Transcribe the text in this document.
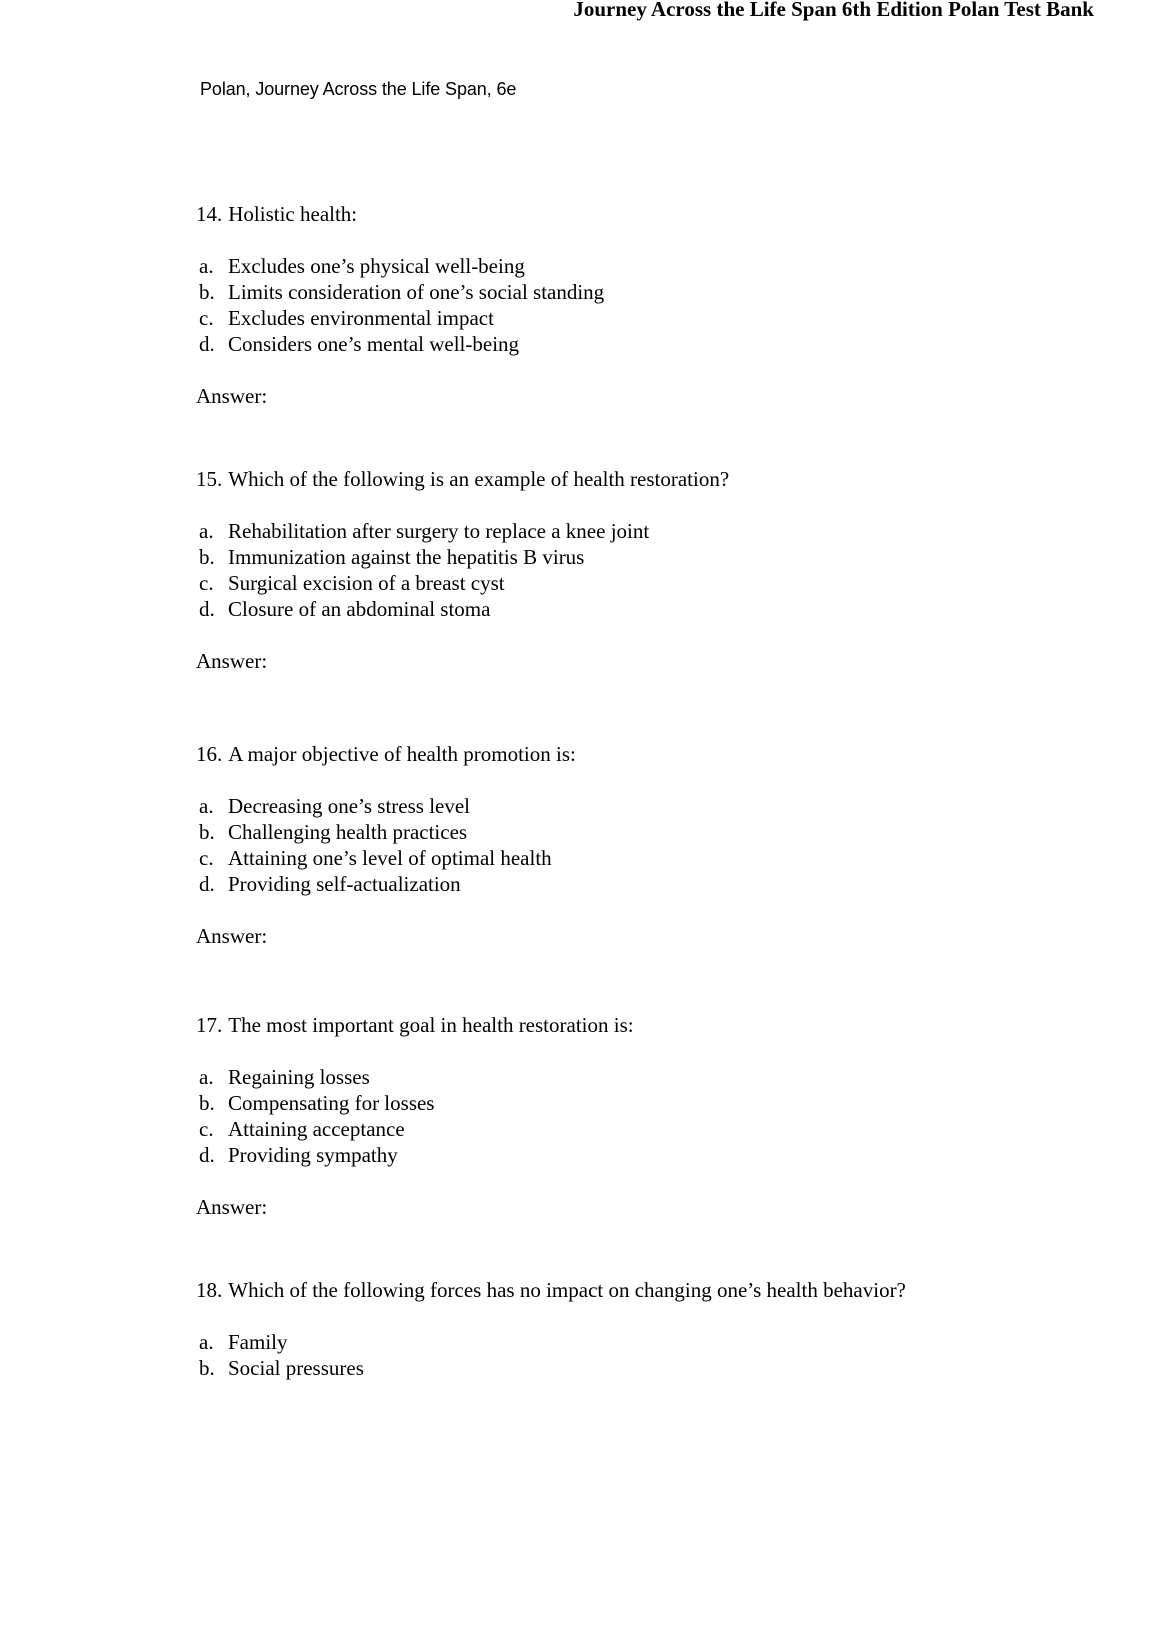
Journey Across the Life Span 6th Edition Polan Test Bank
Polan, Journey Across the Life Span, 6e
14. Holistic health:
a. Excludes one’s physical well-being
b. Limits consideration of one’s social standing
c. Excludes environmental impact
d. Considers one’s mental well-being
Answer:
15. Which of the following is an example of health restoration?
a. Rehabilitation after surgery to replace a knee joint
b. Immunization against the hepatitis B virus
c. Surgical excision of a breast cyst
d. Closure of an abdominal stoma
Answer:
16. A major objective of health promotion is:
a. Decreasing one’s stress level
b. Challenging health practices
c. Attaining one’s level of optimal health
d. Providing self-actualization
Answer:
17. The most important goal in health restoration is:
a. Regaining losses
b. Compensating for losses
c. Attaining acceptance
d. Providing sympathy
Answer:
18. Which of the following forces has no impact on changing one’s health behavior?
a. Family
b. Social pressures
